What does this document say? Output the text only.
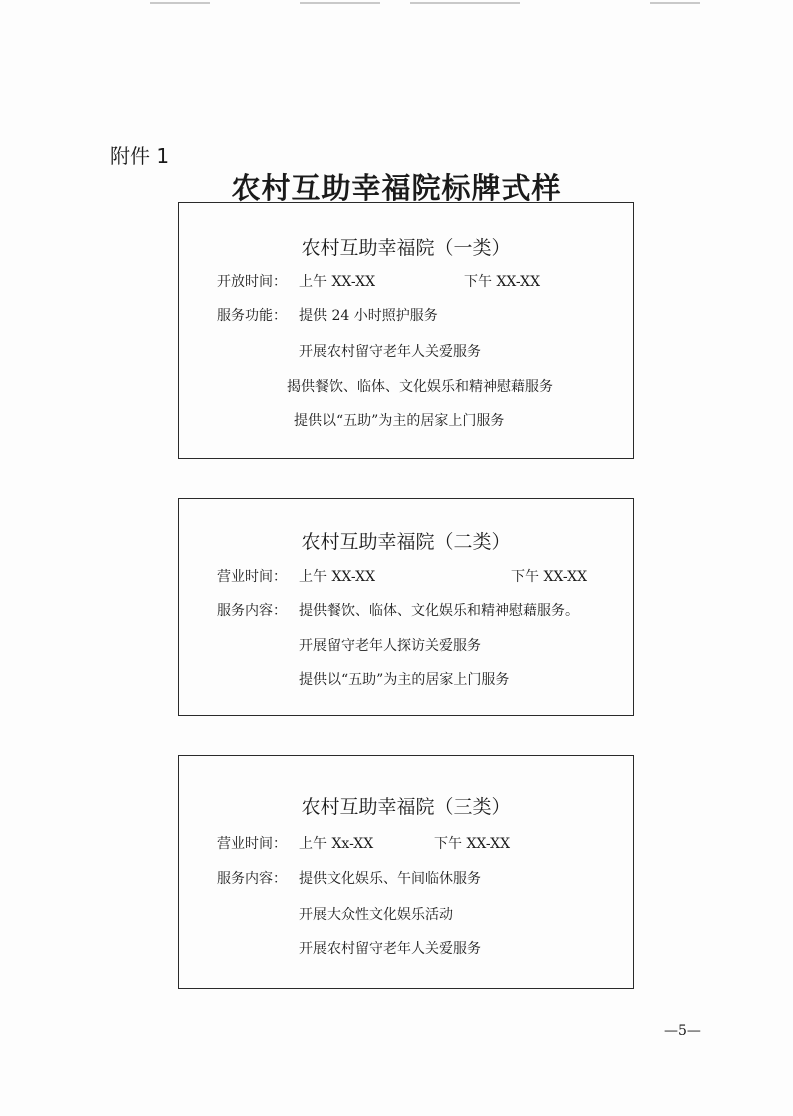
附件 1
农村互助幸福院标牌式样
农村互助幸福院（一类）
开放时间： 上午 XX-XX	下午 XX-XX
服务功能： 提供 24 小时照护服务
开展农村留守老年人关爱服务
揭供餐饮、临体、文化娱乐和精神慰藉服务
提供以“五助”为主的居家上门服务
农村互助幸福院（二类）
营业时间： 上午 XX-XX	下午 XX-XX
服务内容： 提供餐饮、临体、文化娱乐和精神慰藉服务。
开展留守老年人探访关爱服务
提供以“五助”为主的居家上门服务
农村互助幸福院（三类）
营业时间： 上午 Xx-XX	下午 XX-XX
服务内容： 提供文化娱乐、午间临休服务
开展大众性文化娱乐活动
开展农村留守老年人关爱服务
—5—
